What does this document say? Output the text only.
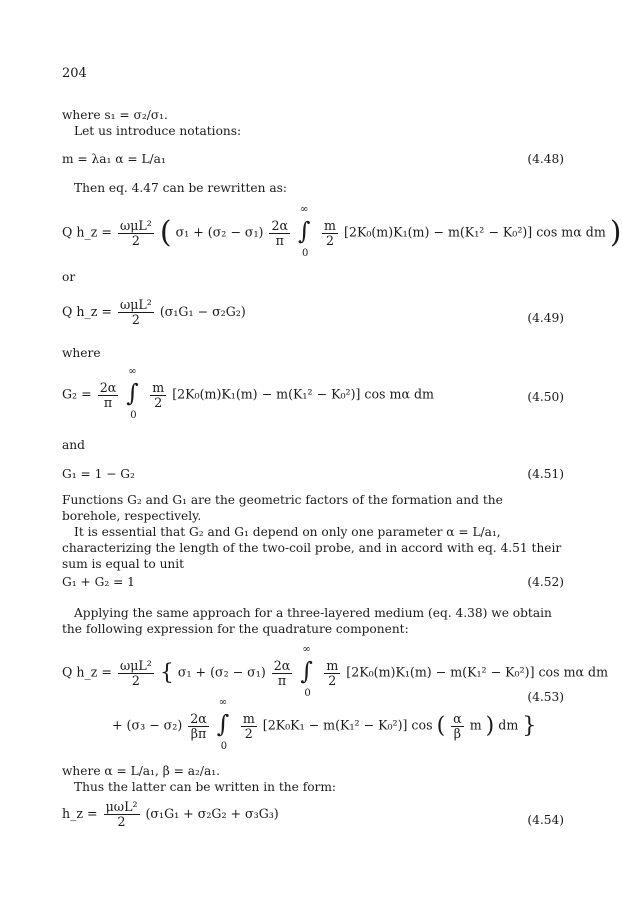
204
where s₁ = σ₂/σ₁.
Let us introduce notations:
m = λa₁ α = L/a₁	(4.48)
Then eq. 4.47 can be rewritten as:
Q h_z = $\frac{\text{ωμL²}}{2}$ ( $\sigma_1 + (\sigma_2 - \sigma_1) \frac{2\alpha}{\pi}$

∞
∫
0

$\frac{m}{2} [2K_0(m)K_1(m) - m(K_1^2 - K_0^2)]$ cos mα dm )
or
Q h_z = $\frac{\text{ωμL²}}{2} (\sigma_1G_1 - \sigma_2G_2)$	(4.49)
where
$G_2 = \frac{2\alpha}{\pi}$

∞
∫
0

$\frac{m}{2} [2K_0(m)K_1(m) - m(K_1^2 - K_0^2)]$ cos mα dm	(4.50)
and
G₁ = 1 − G₂	(4.51)
Functions G₂ and G₁ are the geometric factors of the formation and the borehole, respectively.
It is essential that G₂ and G₁ depend on only one parameter α = L/a₁, characterizing the length of the two-coil probe, and in accord with eq. 4.51 their sum is equal to unit
G₁ + G₂ = 1	(4.52)
Applying the same approach for a three-layered medium (eq. 4.38) we obtain the following expression for the quadrature component:
Q h_z = $\frac{\text{ωμL²}}{2}$ { $\sigma_1 + (\sigma_2 - \sigma_1) \frac{2\alpha}{\pi}$

∞
∫
0

$\frac{m}{2} [2K_0(m)K_1(m) - m(K_1^2 - K_0^2)]$ cos mα dm
(4.53)
+ $(\sigma_3 - \sigma_2) \frac{2\alpha}{\beta\pi}$

∞
∫
0

$\frac{m}{2} [2K_0K_1 - m(K_1^2 - K_0^2)]$ cos ( $\frac{\alpha}{\beta}$ m ) dm }
where α = L/a₁, β = a₂/a₁.
Thus the latter can be written in the form:
h_z = $\frac{\text{μωL²}}{2} (\sigma_1G_1 + \sigma_2G_2 + \sigma_3G_3)$	(4.54)
